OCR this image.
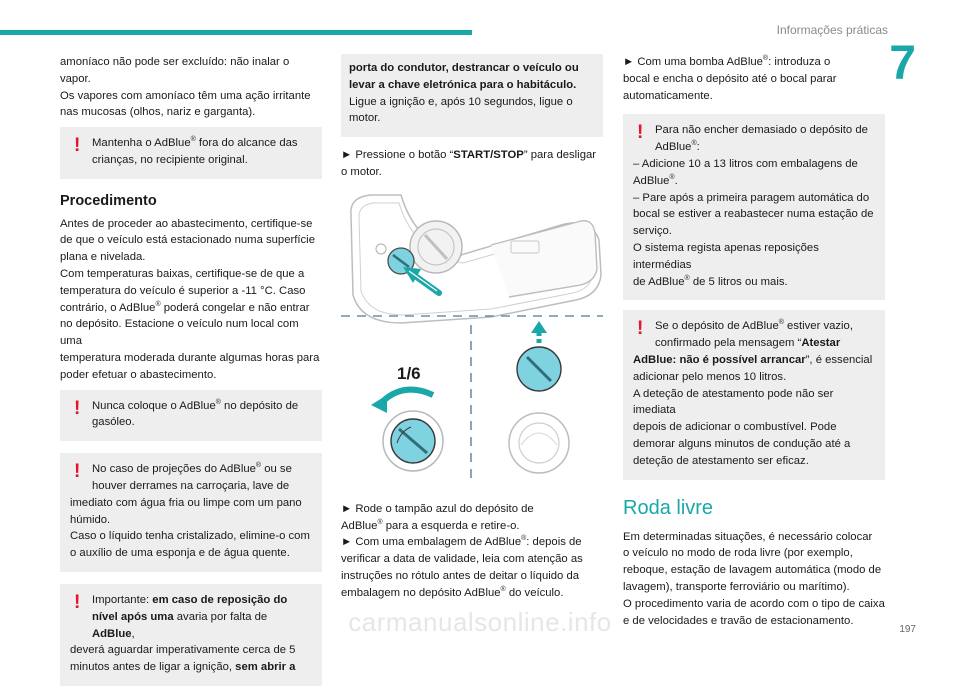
Informações práticas
7

amoníaco não pode ser excluído: não inalar o vapor.
Os vapores com amoníaco têm uma ação irritante
nas mucosas (olhos, nariz e garganta).

!	Mantenha o AdBlue® fora do alcance das
crianças, no recipiente original.
Procedimento

Antes de proceder ao abastecimento, certifique-se
de que o veículo está estacionado numa superfície
plana e nivelada.
Com temperaturas baixas, certifique-se de que a
temperatura do veículo é superior a -11 °C. Caso
contrário, o AdBlue® poderá congelar e não entrar
no depósito. Estacione o veículo num local com uma
temperatura moderada durante algumas horas para
poder efetuar o abastecimento.

!	Nunca coloque o AdBlue® no depósito de
gasóleo.
!	No caso de projeções do AdBlue® ou se
houver derrames na carroçaria, lave de
imediato com água fria ou limpe com um pano
húmido.
Caso o líquido tenha cristalizado, elimine-o com
o auxílio de uma esponja e de água quente.
!	Importante: em caso de reposição do
nível após uma avaria por falta de AdBlue,
deverá aguardar imperativamente cerca de 5
minutos antes de ligar a ignição, sem abrir a
porta do condutor, destrancar o veículo ou
levar a chave eletrónica para o habitáculo.
Ligue a ignição e, após 10 segundos, ligue o
motor.

► Pressione o botão “START/STOP” para desligar
o motor.

1/6

► Rode o tampão azul do depósito de
AdBlue® para a esquerda e retire-o.
► Com uma embalagem de AdBlue®: depois de
verificar a data de validade, leia com atenção as
instruções no rótulo antes de deitar o líquido da
embalagem no depósito AdBlue® do veículo.

► Com uma bomba AdBlue®: introduza o
bocal e encha o depósito até o bocal parar
automaticamente.

!	Para não encher demasiado o depósito de
AdBlue®:
– Adicione 10 a 13 litros com embalagens de
AdBlue®.
– Pare após a primeira paragem automática do
bocal se estiver a reabastecer numa estação de
serviço.
O sistema regista apenas reposições intermédias
de AdBlue® de 5 litros ou mais.
!	Se o depósito de AdBlue® estiver vazio,
confirmado pela mensagem “Atestar
AdBlue: não é possível arrancar”, é essencial
adicionar pelo menos 10 litros.
A deteção de atestamento pode não ser imediata
depois de adicionar o combustível. Pode
demorar alguns minutos de condução até a
deteção de atestamento ser eficaz.
Roda livre

Em determinadas situações, é necessário colocar
o veículo no modo de roda livre (por exemplo,
reboque, estação de lavagem automática (modo de
lavagem), transporte ferroviário ou marítimo).
O procedimento varia de acordo com o tipo de caixa
e de velocidades e travão de estacionamento.

carmanualsonline.info	197
